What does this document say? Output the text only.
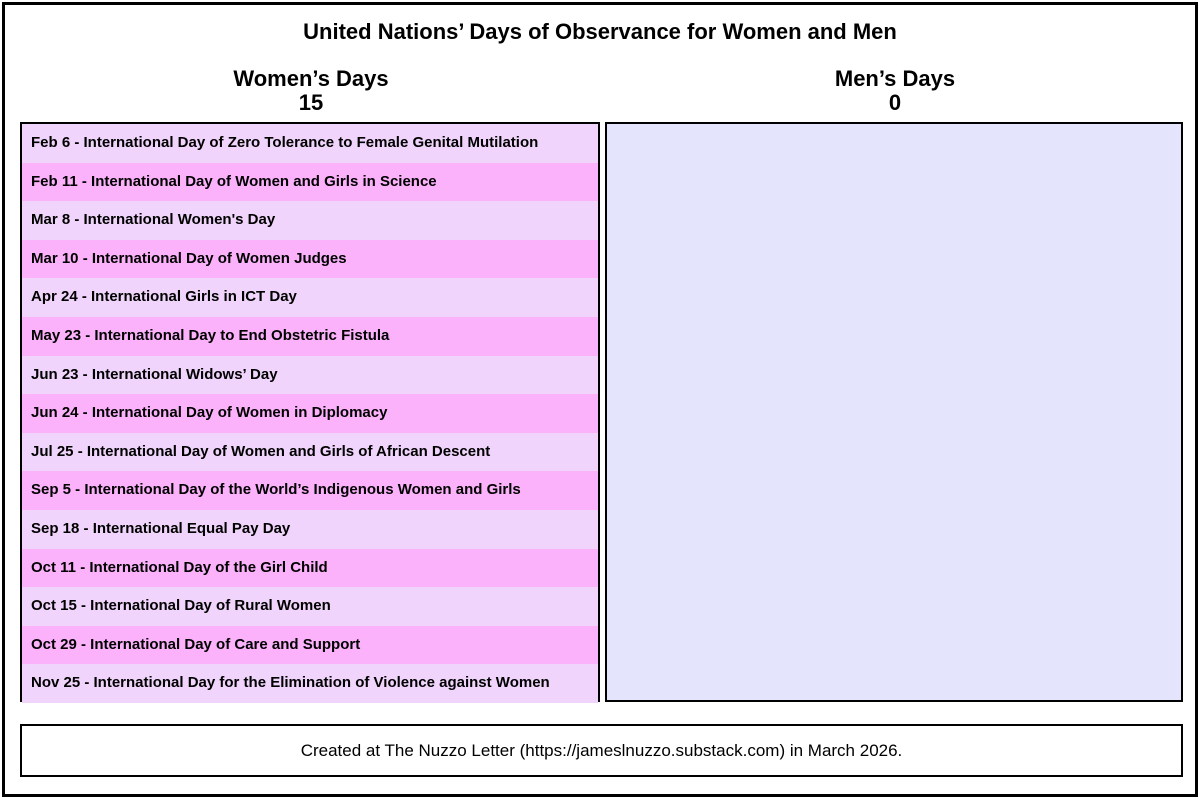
United Nations’ Days of Observance for Women and Men
Women’s Days
15
Men’s Days
0
Feb 6 - International Day of Zero Tolerance to Female Genital Mutilation
Feb 11 - International Day of Women and Girls in Science
Mar 8 - International Women's Day
Mar 10 - International Day of Women Judges
Apr 24 - International Girls in ICT Day
May 23 - International Day to End Obstetric Fistula
Jun 23 - International Widows’ Day
Jun 24 - International Day of Women in Diplomacy
Jul 25 - International Day of Women and Girls of African Descent
Sep 5 - International Day of the World’s Indigenous Women and Girls
Sep 18 - International Equal Pay Day
Oct 11 - International Day of the Girl Child
Oct 15 - International Day of Rural Women
Oct 29 - International Day of Care and Support
Nov 25 - International Day for the Elimination of Violence against Women
Created at The Nuzzo Letter (https://jameslnuzzo.substack.com) in March 2026.
